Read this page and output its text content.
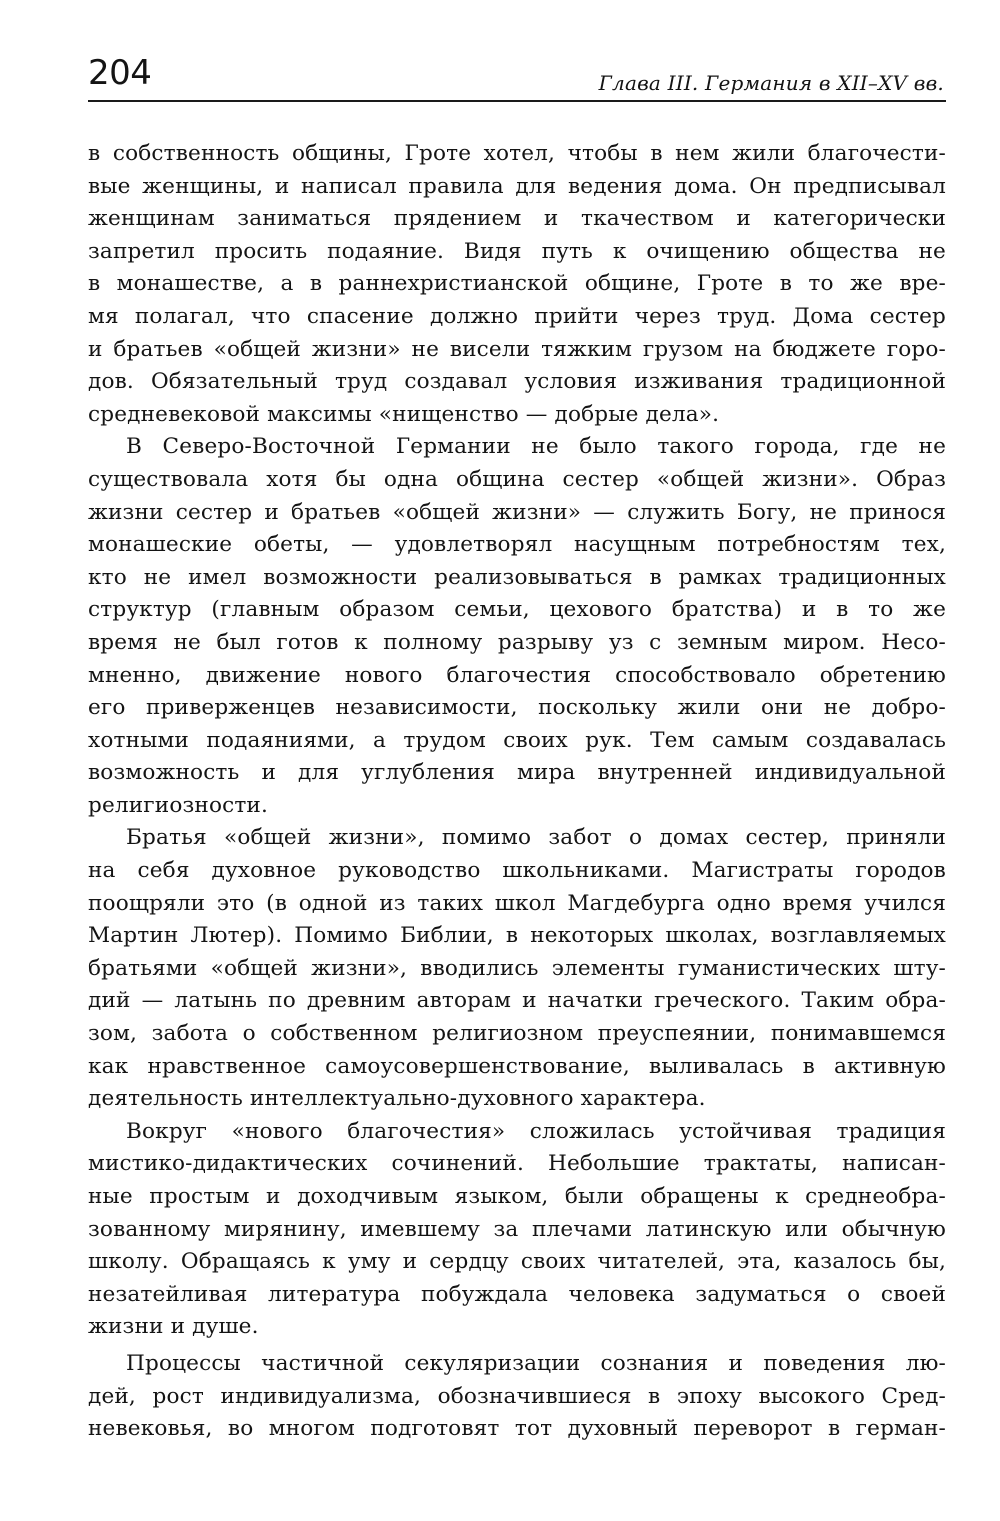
204	Глава III. Германия в XII–XV вв.

в собственность общины, Гроте хотел, чтобы в нем жили благочести-

вые женщины, и написал правила для ведения дома. Он предписывал

женщинам заниматься прядением и ткачеством и категорически

запретил просить подаяние. Видя путь к очищению общества не

в монашестве, а в раннехристианской общине, Гроте в то же вре-

мя полагал, что спасение должно прийти через труд. Дома сестер

и братьев «общей жизни» не висели тяжким грузом на бюджете горо-

дов. Обязательный труд создавал условия изживания традиционной

средневековой максимы «нищенство — добрые дела».

В Северо-Восточной Германии не было такого города, где не

существовала хотя бы одна община сестер «общей жизни». Образ

жизни сестер и братьев «общей жизни» — служить Богу, не принося

монашеские обеты, — удовлетворял насущным потребностям тех,

кто не имел возможности реализовываться в рамках традиционных

структур (главным образом семьи, цехового братства) и в то же

время не был готов к полному разрыву уз с земным миром. Несо-

мненно, движение нового благочестия способствовало обретению

его приверженцев независимости, поскольку жили они не добро-

хотными подаяниями, а трудом своих рук. Тем самым создавалась

возможность и для углубления мира внутренней индивидуальной

религиозности.

Братья «общей жизни», помимо забот о домах сестер, приняли

на себя духовное руководство школьниками. Магистраты городов

поощряли это (в одной из таких школ Магдебурга одно время учился

Мартин Лютер). Помимо Библии, в некоторых школах, возглавляемых

братьями «общей жизни», вводились элементы гуманистических шту-

дий — латынь по древним авторам и начатки греческого. Таким обра-

зом, забота о собственном религиозном преуспеянии, понимавшемся

как нравственное самоусовершенствование, выливалась в активную

деятельность интеллектуально-духовного характера.

Вокруг «нового благочестия» сложилась устойчивая традиция

мистико-дидактических сочинений. Небольшие трактаты, написан-

ные простым и доходчивым языком, были обращены к среднеобра-

зованному мирянину, имевшему за плечами латинскую или обычную

школу. Обращаясь к уму и сердцу своих читателей, эта, казалось бы,

незатейливая литература побуждала человека задуматься о своей

жизни и душе.

Процессы частичной секуляризации сознания и поведения лю-

дей, рост индивидуализма, обозначившиеся в эпоху высокого Сред-

невековья, во многом подготовят тот духовный переворот в герман-
